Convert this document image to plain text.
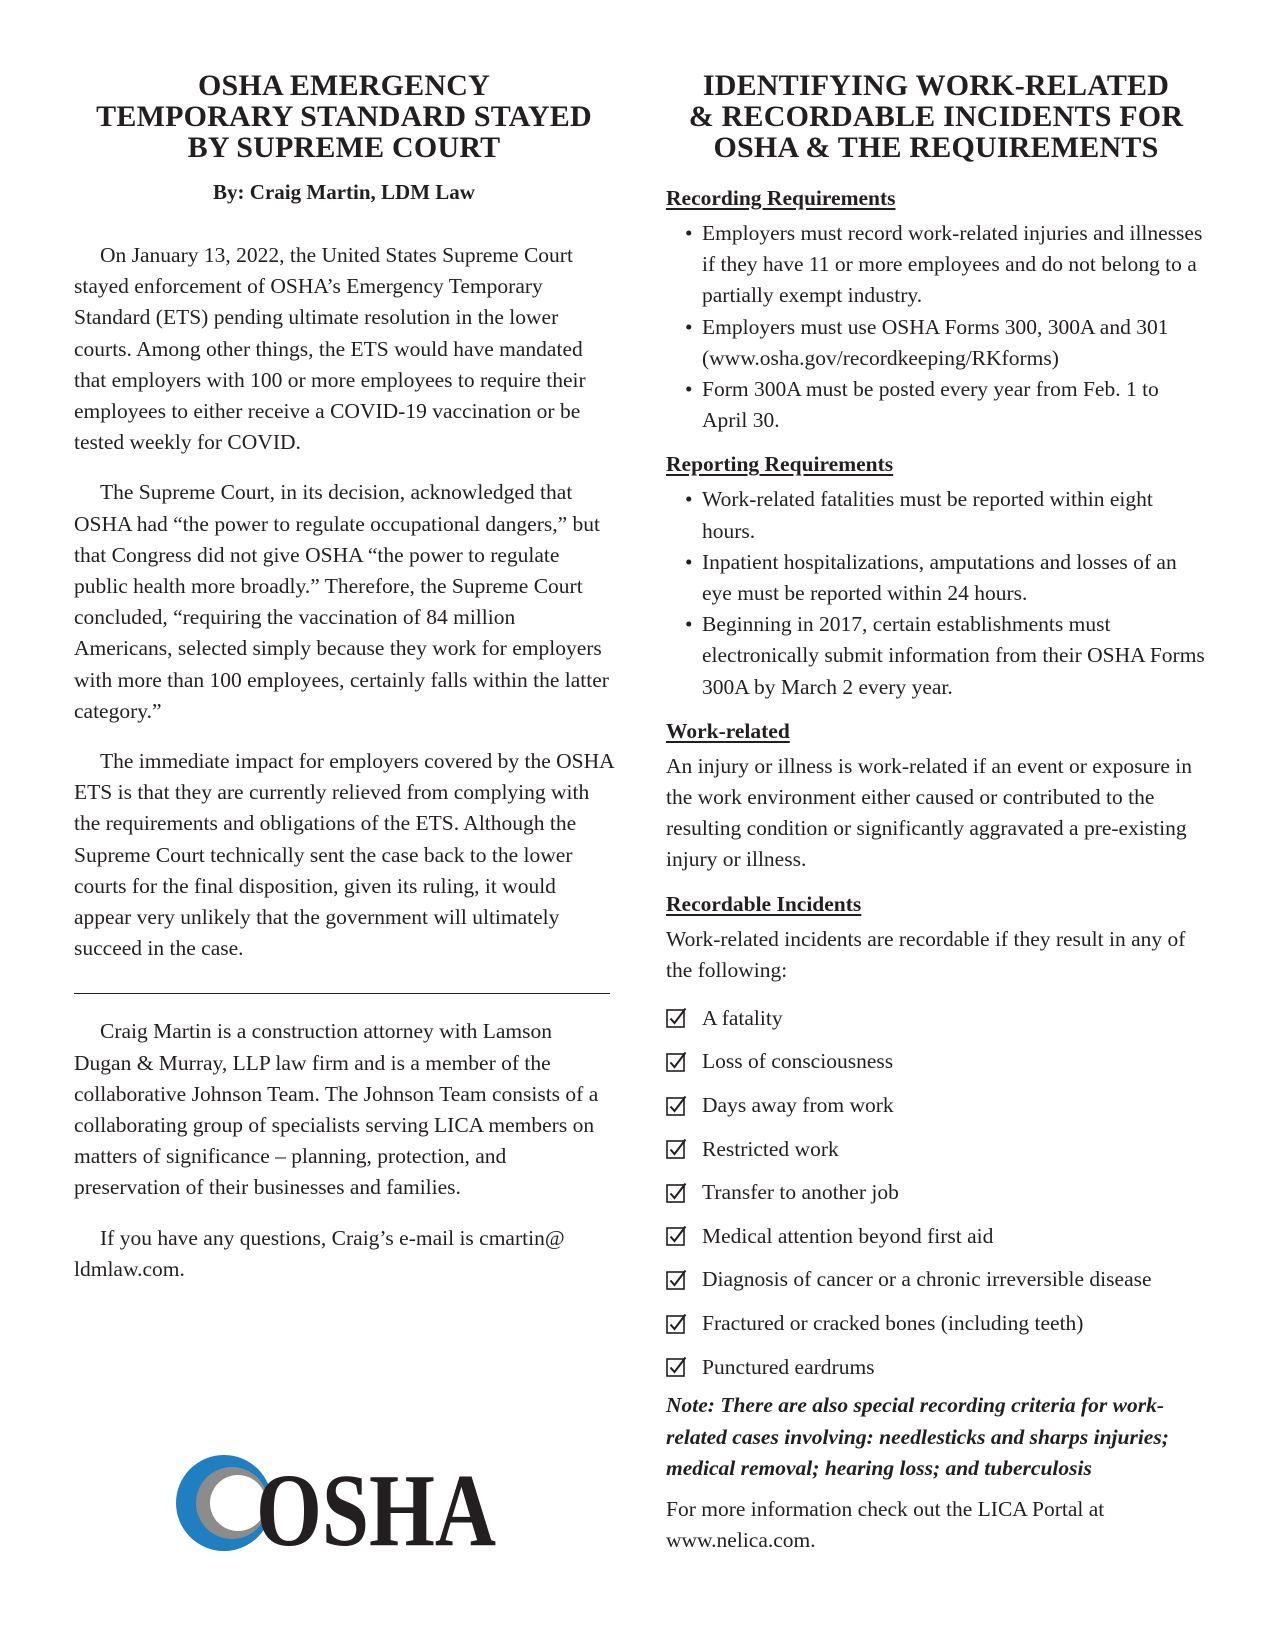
OSHA EMERGENCY
TEMPORARY STANDARD STAYED
BY SUPREME COURT

By: Craig Martin, LDM Law

On January 13, 2022, the United States Supreme Court stayed enforcement of OSHA’s Emergency Temporary Standard (ETS) pending ultimate resolution in the lower courts. Among other things, the ETS would have mandated that employers with 100 or more employees to require their employees to either receive a COVID-19 vaccination or be tested weekly for COVID.

The Supreme Court, in its decision, acknowledged that OSHA had “the power to regulate occupational dangers,” but that Congress did not give OSHA “the power to regulate public health more broadly.” Therefore, the Supreme Court concluded, “requiring the vaccination of 84 million Americans, selected simply because they work for employers with more than 100 employees, certainly falls within the latter category.”

The immediate impact for employers covered by the OSHA ETS is that they are currently relieved from complying with the requirements and obligations of the ETS. Although the Supreme Court technically sent the case back to the lower courts for the final disposition, given its ruling, it would appear very unlikely that the government will ultimately succeed in the case.

Craig Martin is a construction attorney with Lamson Dugan & Murray, LLP law firm and is a member of the collaborative Johnson Team. The Johnson Team consists of a collaborating group of specialists serving LICA members on matters of significance – planning, protection, and preservation of their businesses and families.

If you have any questions, Craig’s e-mail is cmartin@ ldmlaw.com.

OSHA
IDENTIFYING WORK-RELATED
& RECORDABLE INCIDENTS FOR
OSHA & THE REQUIREMENTS

Recording Requirements

• Employers must record work-related injuries and illnesses if they have 11 or more employees and do not belong to a partially exempt industry.
• Employers must use OSHA Forms 300, 300A and 301 (www.osha.gov/recordkeeping/RKforms)
• Form 300A must be posted every year from Feb. 1 to April 30.

Reporting Requirements

• Work-related fatalities must be reported within eight hours.
• Inpatient hospitalizations, amputations and losses of an eye must be reported within 24 hours.
• Beginning in 2017, certain establishments must electronically submit information from their OSHA Forms 300A by March 2 every year.

Work-related

An injury or illness is work-related if an event or exposure in the work environment either caused or contributed to the resulting condition or significantly aggravated a pre-existing injury or illness.

Recordable Incidents

Work-related incidents are recordable if they result in any of the following:

A fatality
Loss of consciousness
Days away from work
Restricted work
Transfer to another job
Medical attention beyond first aid
Diagnosis of cancer or a chronic irreversible disease
Fractured or cracked bones (including teeth)
Punctured eardrums

Note: There are also special recording criteria for work-related cases involving: needlesticks and sharps injuries; medical removal; hearing loss; and tuberculosis

For more information check out the LICA Portal at www.nelica.com.
